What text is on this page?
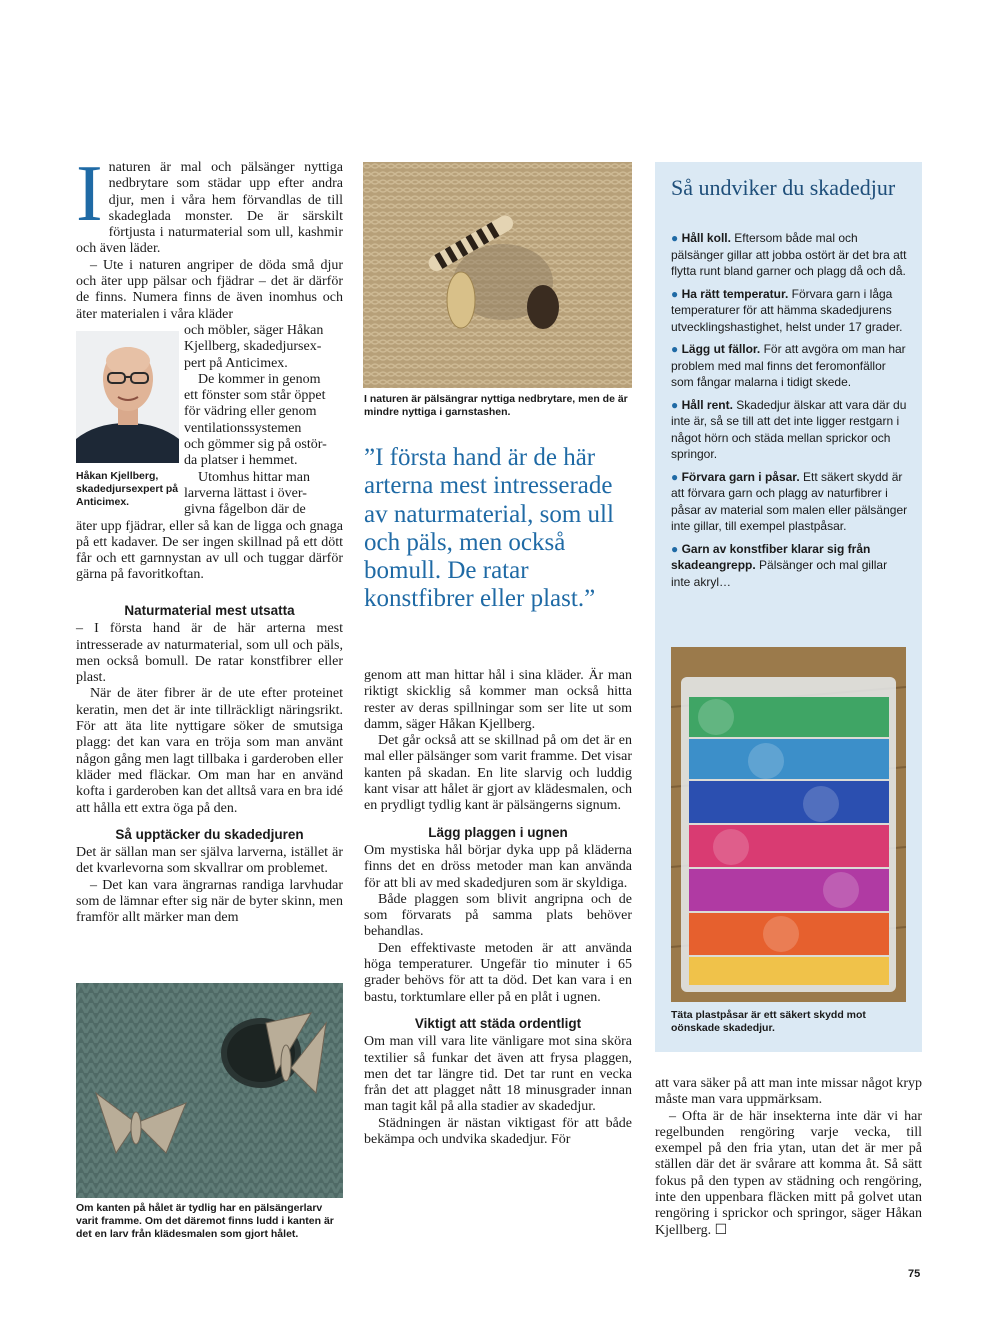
Inaturen är mal och pälsänger nyttiga nedbrytare som städar upp efter andra djur, men i våra hem förvandlas de till skadeglada monster. De är särskilt förtjusta i naturmaterial som ull, kashmir och även läder.

– Ute i naturen angriper de döda små djur och äter upp pälsar och fjädrar – det är därför de finns. Numera finns de även inomhus och äter materialen i våra kläder

och möbler, säger Håkan

Kjellberg, skadedjursex-

pert på Anticimex.

De kommer in genom

ett fönster som står öppet

för vädring eller genom

ventilationssystemen

och gömmer sig på ostör-

da platser i hemmet.

Utomhus hittar man

larverna lättast i över-

givna fågelbon där de

äter upp fjädrar, eller så kan de ligga och gnaga på ett kadaver. De ser ingen skillnad på ett dött får och ett garnnystan av ull och tuggar därför gärna på favoritkoftan.

Håkan Kjellberg, skadedjursexpert på Anticimex.
Naturmaterial mest utsatta

– I första hand är de här arterna mest intresserade av naturmaterial, som ull och päls, men också bomull. De ratar konstfibrer eller plast.

När de äter fibrer är de ute efter proteinet keratin, men det är inte tillräckligt näringsrikt. För att äta lite nyttigare söker de smutsiga plagg: det kan vara en tröja som man använt någon gång men lagt tillbaka i garderoben eller kläder med fläckar. Om man har en använd kofta i garderoben kan det alltså vara en bra idé att hålla ett extra öga på den.

Så upptäcker du skadedjuren

Det är sällan man ser själva larverna, istället är det kvarlevorna som skvallrar om problemet.

– Det kan vara ängrarnas randiga larvhudar som de lämnar efter sig när de byter skinn, men framför allt märker man dem

Om kanten på hålet är tydlig har en pälsängerlarv varit framme. Om det däremot finns ludd i kanten är det en larv från klädesmalen som gjort hålet.
I naturen är pälsängrar nyttiga nedbrytare, men de är mindre nyttiga i garnstashen.
”I första hand är de här arterna mest intresserade av naturmaterial, som ull och päls, men också bomull. De ratar konstfibrer eller plast.”

genom att man hittar hål i sina kläder. Är man riktigt skicklig så kommer man också hitta rester av deras spillningar som ser lite ut som damm, säger Håkan Kjellberg.

Det går också att se skillnad på om det är en mal eller pälsänger som varit framme. Det visar kanten på skadan. En lite slarvig och luddig kant visar att hålet är gjort av klädesmalen, och en prydligt tydlig kant är pälsängerns signum.

Lägg plaggen i ugnen

Om mystiska hål börjar dyka upp på kläderna finns det en dröss metoder man kan använda för att bli av med skadedjuren som är skyldiga.

Både plaggen som blivit angripna och de som förvarats på samma plats behöver behandlas.

Den effektivaste metoden är att använda höga temperaturer. Ungefär tio minuter i 65 grader behövs för att ta död. Det kan vara i en bastu, torktumlare eller på en plåt i ugnen.

Viktigt att städa ordentligt

Om man vill vara lite vänligare mot sina sköra textilier så funkar det även att frysa plaggen, men det tar längre tid. Det tar runt en vecka från det att plagget nått 18 minusgrader innan man tagit kål på alla stadier av skadedjur.

Städningen är nästan viktigast för att både bekämpa och undvika skadedjur. För

Så undviker du skadedjur
● Håll koll. Eftersom både mal och pälsänger gillar att jobba ostört är det bra att flytta runt bland garner och plagg då och då.
● Ha rätt temperatur. Förvara garn i låga temperaturer för att hämma skadedjurens utvecklingshastighet, helst under 17 grader.
● Lägg ut fällor. För att avgöra om man har problem med mal finns det feromonfällor som fångar malarna i tidigt skede.
● Håll rent. Skadedjur älskar att vara där du inte är, så se till att det inte ligger restgarn i något hörn och städa mellan sprickor och springor.
● Förvara garn i påsar. Ett säkert skydd är att förvara garn och plagg av naturfibrer i påsar av material som malen eller pälsänger inte gillar, till exempel plastpåsar.
● Garn av konstfiber klarar sig från skadeangrepp. Pälsänger och mal gillar inte akryl…
Täta plastpåsar är ett säkert skydd mot oönskade skadedjur.

att vara säker på att man inte missar något kryp måste man vara uppmärksam.

– Ofta är de här insekterna inte där vi har regelbunden rengöring varje vecka, till exempel på den fria ytan, utan det är mer på ställen där det är svårare att komma åt. Så sätt fokus på den typen av städning och rengöring, inte den uppenbara fläcken mitt på golvet utan rengöring i sprickor och springor, säger Håkan Kjellberg. ☐

75
